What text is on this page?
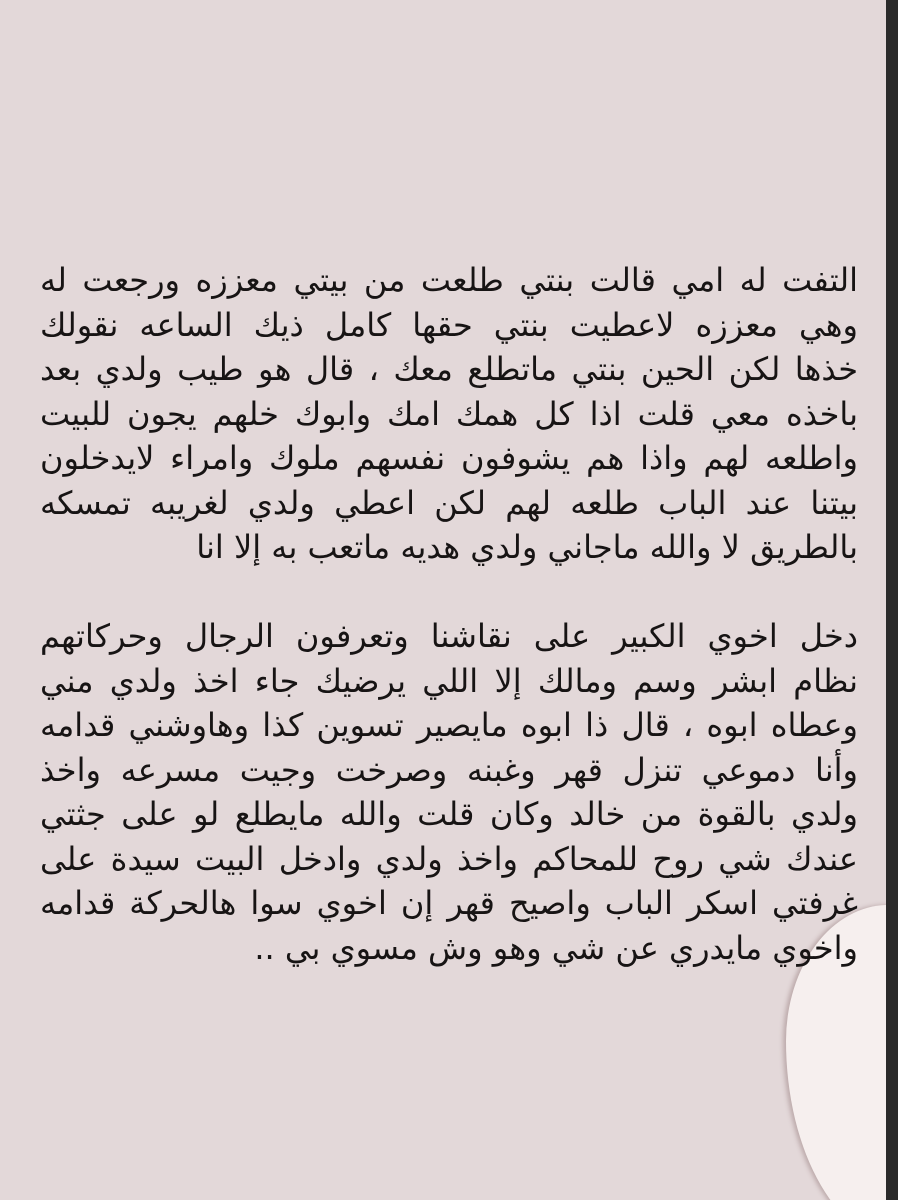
التفت له امي قالت بنتي طلعت من بيتي معززه ورجعت له
وهي معززه لاعطيت بنتي حقها كامل ذيك الساعه نقولك
خذها لكن الحين بنتي ماتطلع معك ، قال هو طيب ولدي بعد
باخذه معي قلت اذا كل همك امك وابوك خلهم يجون للبيت
واطلعه لهم واذا هم يشوفون نفسهم ملوك وامراء لايدخلون
بيتنا عند الباب طلعه لهم لكن اعطي ولدي لغريبه تمسكه
بالطريق لا والله ماجاني ولدي هديه ماتعب به إلا انا

دخل اخوي الكبير على نقاشنا وتعرفون الرجال وحركاتهم
نظام ابشر وسم ومالك إلا اللي يرضيك جاء اخذ ولدي مني
وعطاه ابوه ، قال ذا ابوه مايصير تسوين كذا وهاوشني قدامه
وأنا دموعي تنزل قهر وغبنه وصرخت وجيت مسرعه واخذ
ولدي بالقوة من خالد وكان قلت والله مايطلع لو على جثتي
عندك شي روح للمحاكم واخذ ولدي وادخل البيت سيدة على
غرفتي اسكر الباب واصيح قهر إن اخوي سوا هالحركة قدامه
واخوي مايدري عن شي وهو وش مسوي بي ..
